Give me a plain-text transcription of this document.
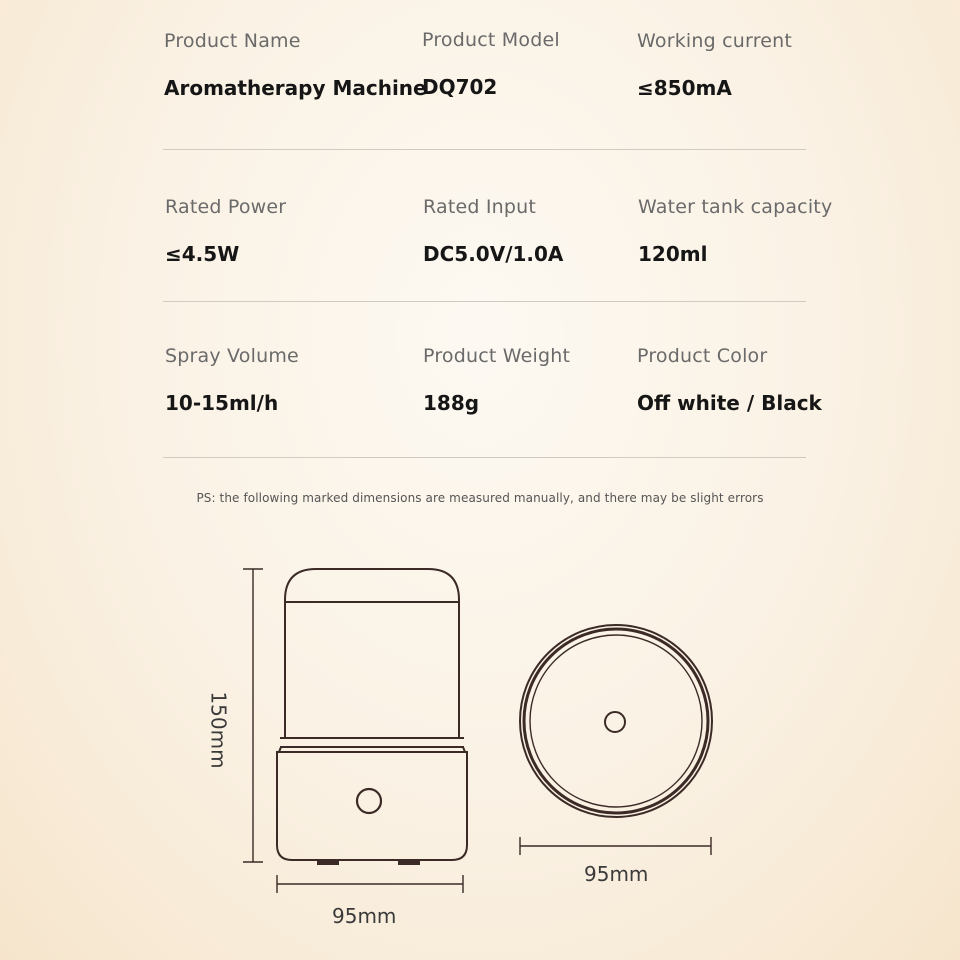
Product Name
Aromatherapy Machine
Product Model
DQ702
Working current
≤850mA
Rated Power
≤4.5W
Rated Input
DC5.0V/1.0A
Water tank capacity
120ml
Spray Volume
10-15ml/h
Product Weight
188g
Product Color
Off white / Black
PS: the following marked dimensions are measured manually, and there may be slight errors
150mm
95mm
95mm
